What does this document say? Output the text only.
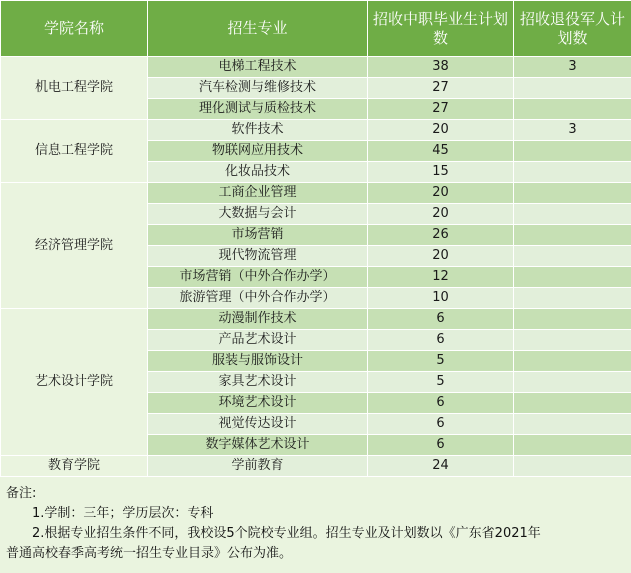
学院名称	招生专业	招收中职毕业生计划数	招收退役军人计划数
机电工程学院	电梯工程技术	38	3
	汽车检测与维修技术	27	
	理化测试与质检技术	27	
信息工程学院	软件技术	20	3
	物联网应用技术	45	
	化妆品技术	15	
经济管理学院	工商企业管理	20	
	大数据与会计	20	
	市场营销	26	
	现代物流管理	20	
	市场营销（中外合作办学）	12	
	旅游管理（中外合作办学）	10	
艺术设计学院	动漫制作技术	6	
	产品艺术设计	6	
	服装与服饰设计	5	
	家具艺术设计	5	
	环境艺术设计	6	
	视觉传达设计	6	
	数字媒体艺术设计	6	
教育学院	学前教育	24	
备注:
1.学制：三年；学历层次：专科
2.根据专业招生条件不同，我校设5个院校专业组。招生专业及计划数以《广东省2021年
普通高校春季高考统一招生专业目录》公布为准。
